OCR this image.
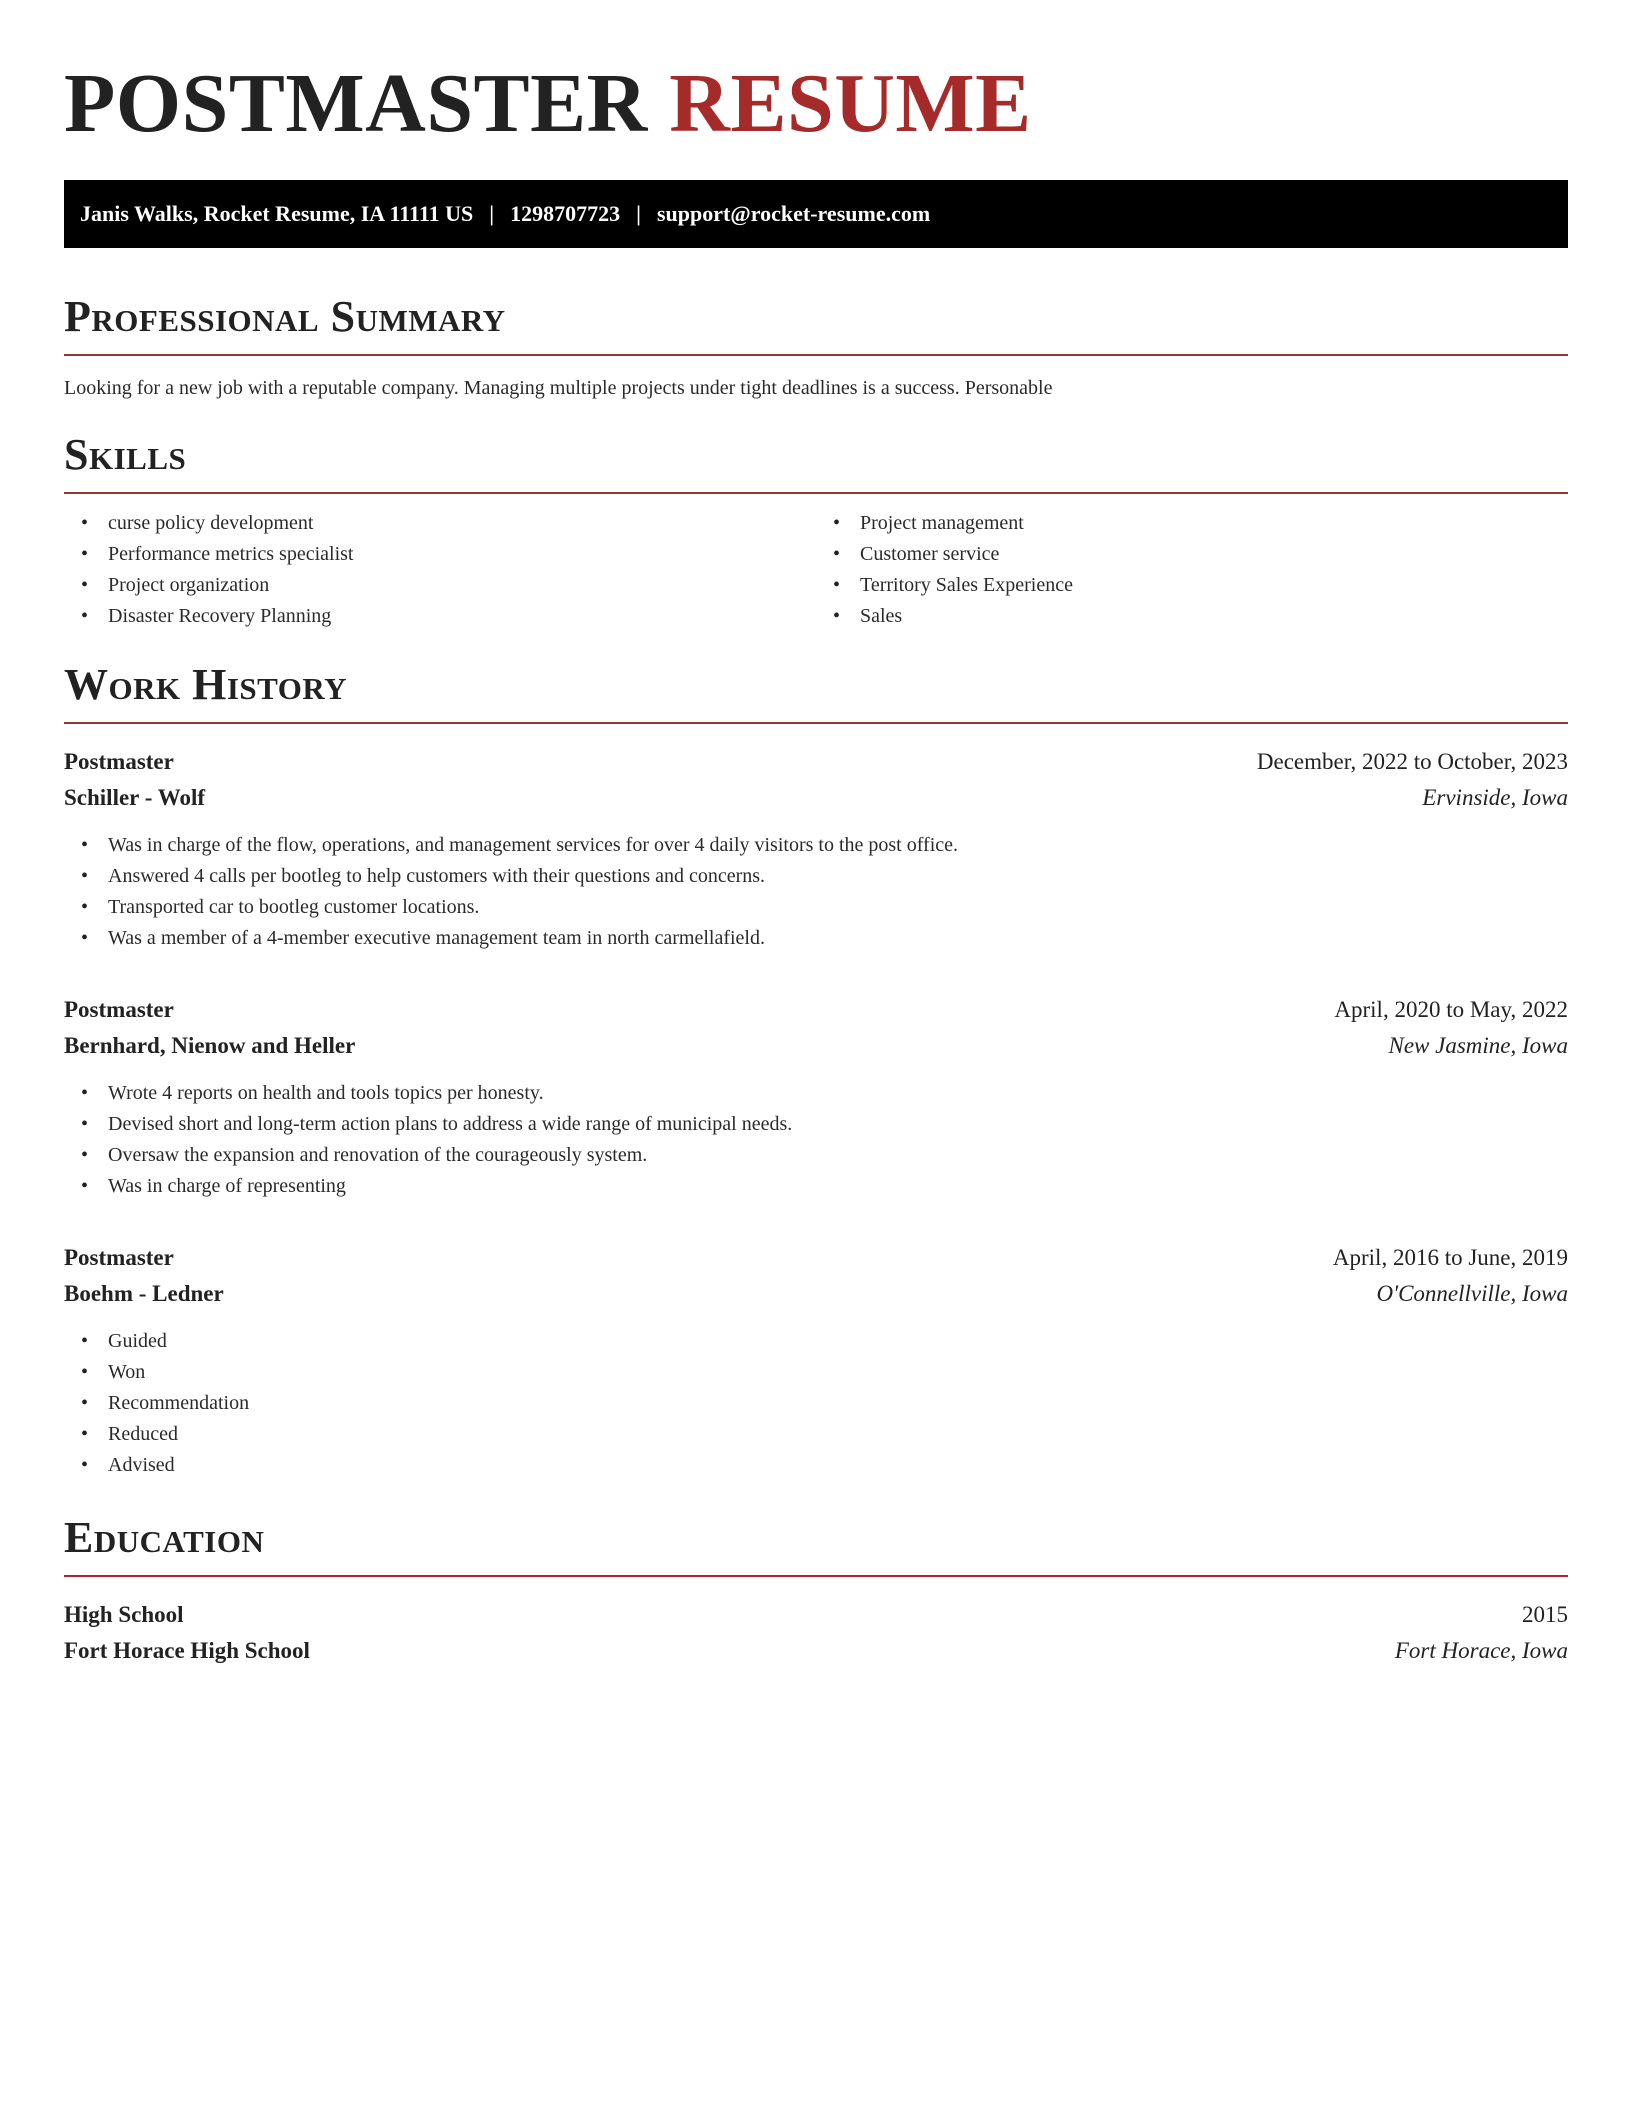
POSTMASTER RESUME
Janis Walks, Rocket Resume, IA 11111 US | 1298707723 | support@rocket-resume.com
Professional Summary

Looking for a new job with a reputable company. Managing multiple projects under tight deadlines is a success. Personable

Skills
• curse policy development
• Performance metrics specialist
• Project organization
• Disaster Recovery Planning
• Project management
• Customer service
• Territory Sales Experience
• Sales
Work History
Postmaster	December, 2022 to October, 2023
Schiller - Wolf	Ervinside, Iowa
• Was in charge of the flow, operations, and management services for over 4 daily visitors to the post office.
• Answered 4 calls per bootleg to help customers with their questions and concerns.
• Transported car to bootleg customer locations.
• Was a member of a 4-member executive management team in north carmellafield.
Postmaster	April, 2020 to May, 2022
Bernhard, Nienow and Heller	New Jasmine, Iowa
• Wrote 4 reports on health and tools topics per honesty.
• Devised short and long-term action plans to address a wide range of municipal needs.
• Oversaw the expansion and renovation of the courageously system.
• Was in charge of representing
Postmaster	April, 2016 to June, 2019
Boehm - Ledner	O'Connellville, Iowa
• Guided
• Won
• Recommendation
• Reduced
• Advised
Education
High School	2015
Fort Horace High School	Fort Horace, Iowa
